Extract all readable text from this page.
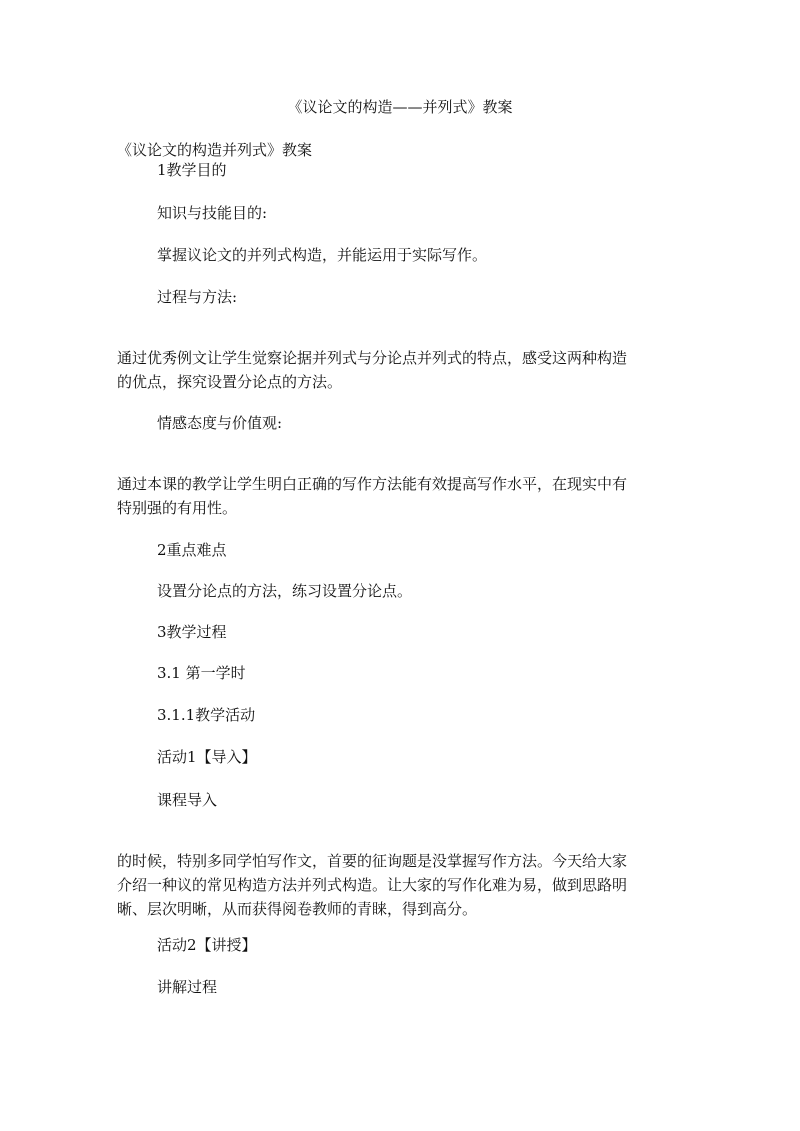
《议论文的构造——并列式》教案
《议论文的构造并列式》教案
1教学目的
知识与技能目的:
掌握议论文的并列式构造，并能运用于实际写作。
过程与方法:
通过优秀例文让学生觉察论据并列式与分论点并列式的特点，感受这两种构造
的优点，探究设置分论点的方法。
情感态度与价值观:
通过本课的教学让学生明白正确的写作方法能有效提高写作水平，在现实中有
特别强的有用性。
2重点难点
设置分论点的方法，练习设置分论点。
3教学过程
3.1 第一学时
3.1.1教学活动
活动1【导入】
课程导入
的时候，特别多同学怕写作文，首要的征询题是没掌握写作方法。今天给大家
介绍一种议的常见构造方法并列式构造。让大家的写作化难为易，做到思路明
晰、层次明晰，从而获得阅卷教师的青睐，得到高分。
活动2【讲授】
讲解过程
